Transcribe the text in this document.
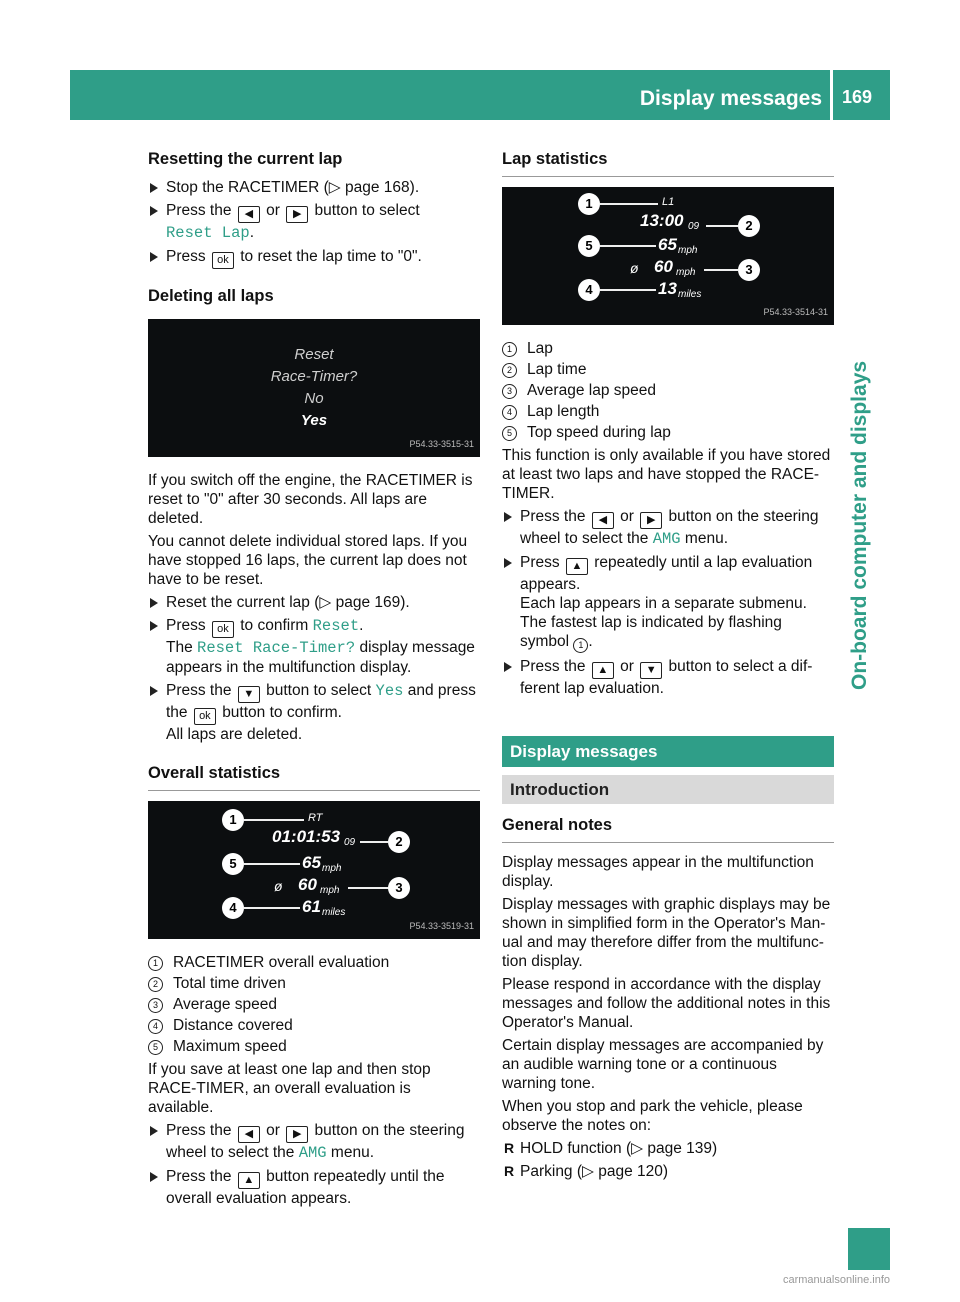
Display messages 169
On-board computer and displays
Resetting the current lap
Stop the RACETIMER (▷ page 168).
Press the ◀ or ▶ button to select
Reset Lap.
Press ok to reset the lap time to "0".
Deleting all laps
Reset
Race-Timer?
No
Yes
P54.33-3515-31

If you switch off the engine, the RACETIMER is reset to "0" after 30 seconds. All laps are deleted.

You cannot delete individual stored laps. If you have stopped 16 laps, the current lap does not have to be reset.

Reset the current lap (▷ page 169).
Press ok to confirm Reset.
The Reset Race-Timer? display message appears in the multifunction display.
Press the ▼ button to select Yes and press the ok button to confirm.
All laps are deleted.
Overall statistics
1	RT
01:01:53 09	2
5	65 mph
ø 60 mph	3
4	61 miles
P54.33-3519-31
1 RACETIMER overall evaluation
2 Total time driven
3 Average speed
4 Distance covered
5 Maximum speed

If you save at least one lap and then stop RACE-TIMER, an overall evaluation is available.

Press the ◀ or ▶ button on the steering wheel to select the AMG menu.
Press the ▲ button repeatedly until the overall evaluation appears.
Lap statistics
1	L1
13:00 09	2
5	65 mph
ø 60 mph	3
4	13 miles
P54.33-3514-31
1 Lap
2 Lap time
3 Average lap speed
4 Lap length
5 Top speed during lap

This function is only available if you have stored at least two laps and have stopped the RACE-TIMER.

Press the ◀ or ▶ button on the steering wheel to select the AMG menu.
Press ▲ repeatedly until a lap evaluation appears.
Each lap appears in a separate submenu. The fastest lap is indicated by flashing symbol 1 .
Press the ▲ or ▼ button to select a dif-ferent lap evaluation.
Display messages
Introduction
General notes

Display messages appear in the multifunction display.

Display messages with graphic displays may be shown in simplified form in the Operator's Man-ual and may therefore differ from the multifunc-tion display.

Please respond in accordance with the display messages and follow the additional notes in this Operator's Manual.

Certain display messages are accompanied by an audible warning tone or a continuous warning tone.

When you stop and park the vehicle, please observe the notes on:

R HOLD function (▷ page 139)
R Parking (▷ page 120)
carmanualsonline.info
